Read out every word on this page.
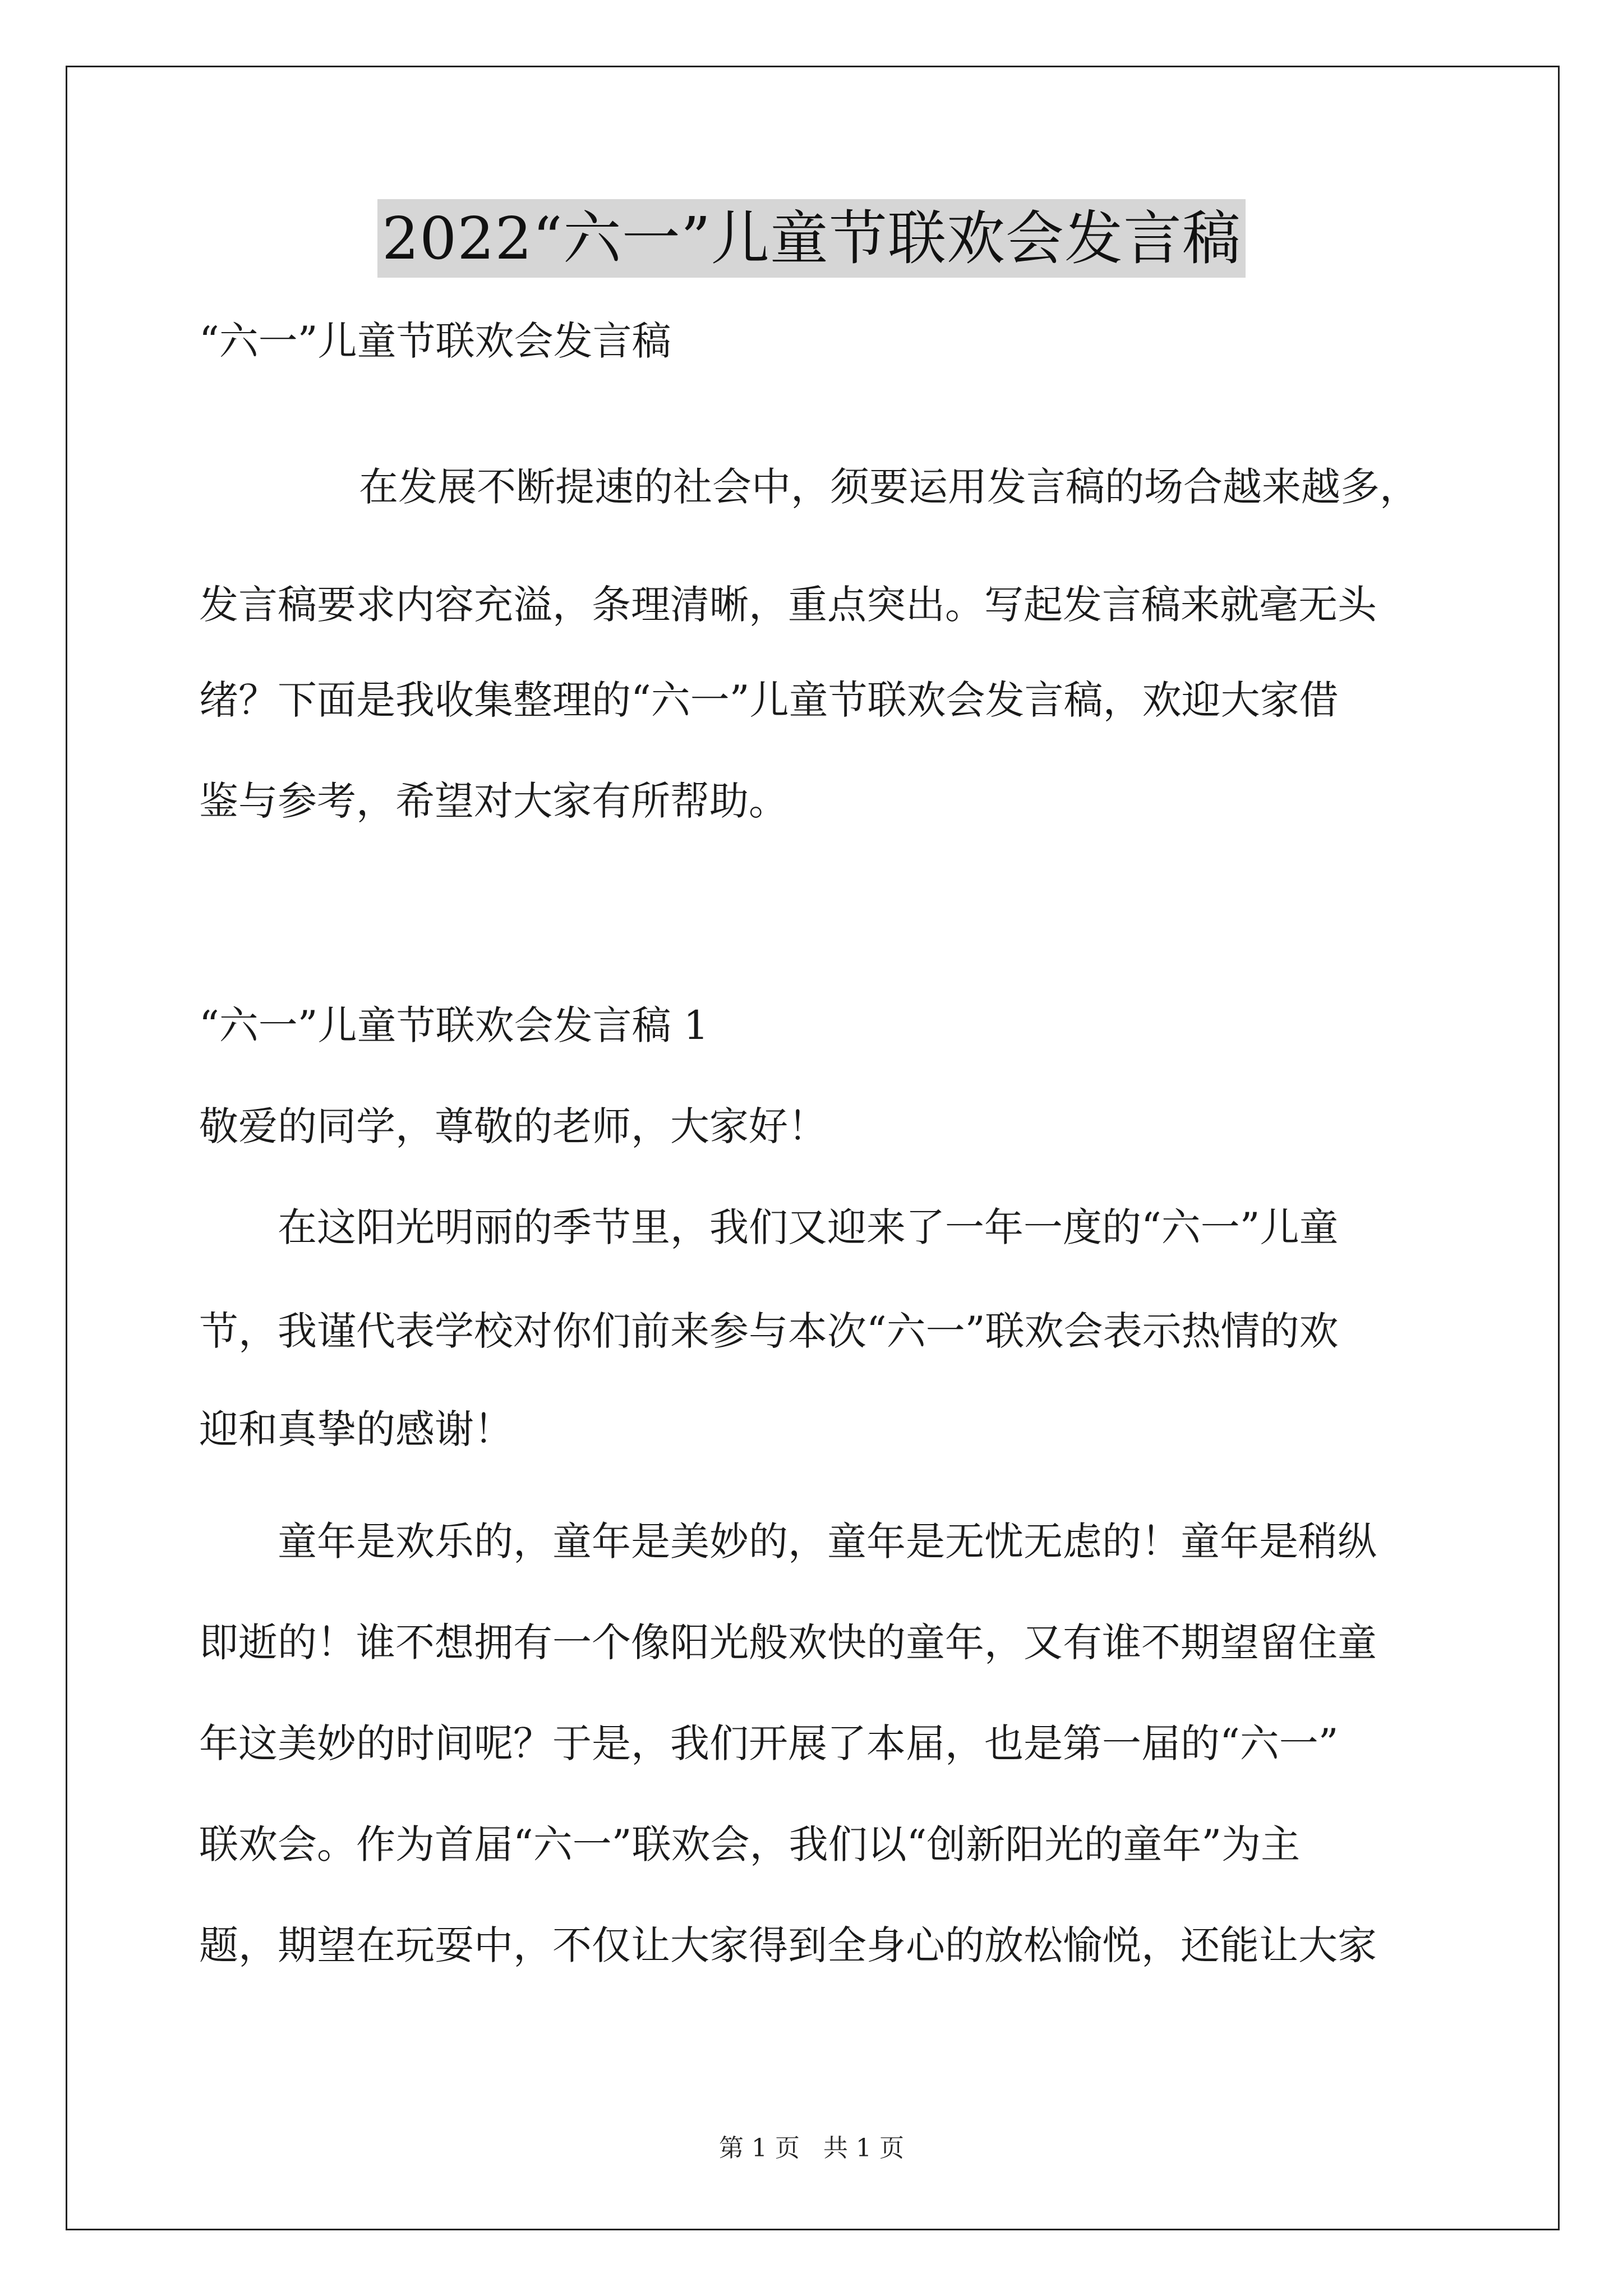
2022“六一”儿童节联欢会发言稿
“六一”儿童节联欢会发言稿
在发展不断提速的社会中，须要运用发言稿的场合越来越多，
发言稿要求内容充溢，条理清晰，重点突出。写起发言稿来就毫无头
绪？下面是我收集整理的“六一”儿童节联欢会发言稿，欢迎大家借
鉴与参考，希望对大家有所帮助。
“六一”儿童节联欢会发言稿 1
敬爱的同学，尊敬的老师，大家好！
在这阳光明丽的季节里，我们又迎来了一年一度的“六一”儿童
节，我谨代表学校对你们前来参与本次“六一”联欢会表示热情的欢
迎和真挚的感谢！
童年是欢乐的，童年是美妙的，童年是无忧无虑的！童年是稍纵
即逝的！谁不想拥有一个像阳光般欢快的童年，又有谁不期望留住童
年这美妙的时间呢？于是，我们开展了本届，也是第一届的“六一”
联欢会。作为首届“六一”联欢会，我们以“创新阳光的童年”为主
题，期望在玩耍中，不仅让大家得到全身心的放松愉悦，还能让大家
第 1 页 共 1 页
